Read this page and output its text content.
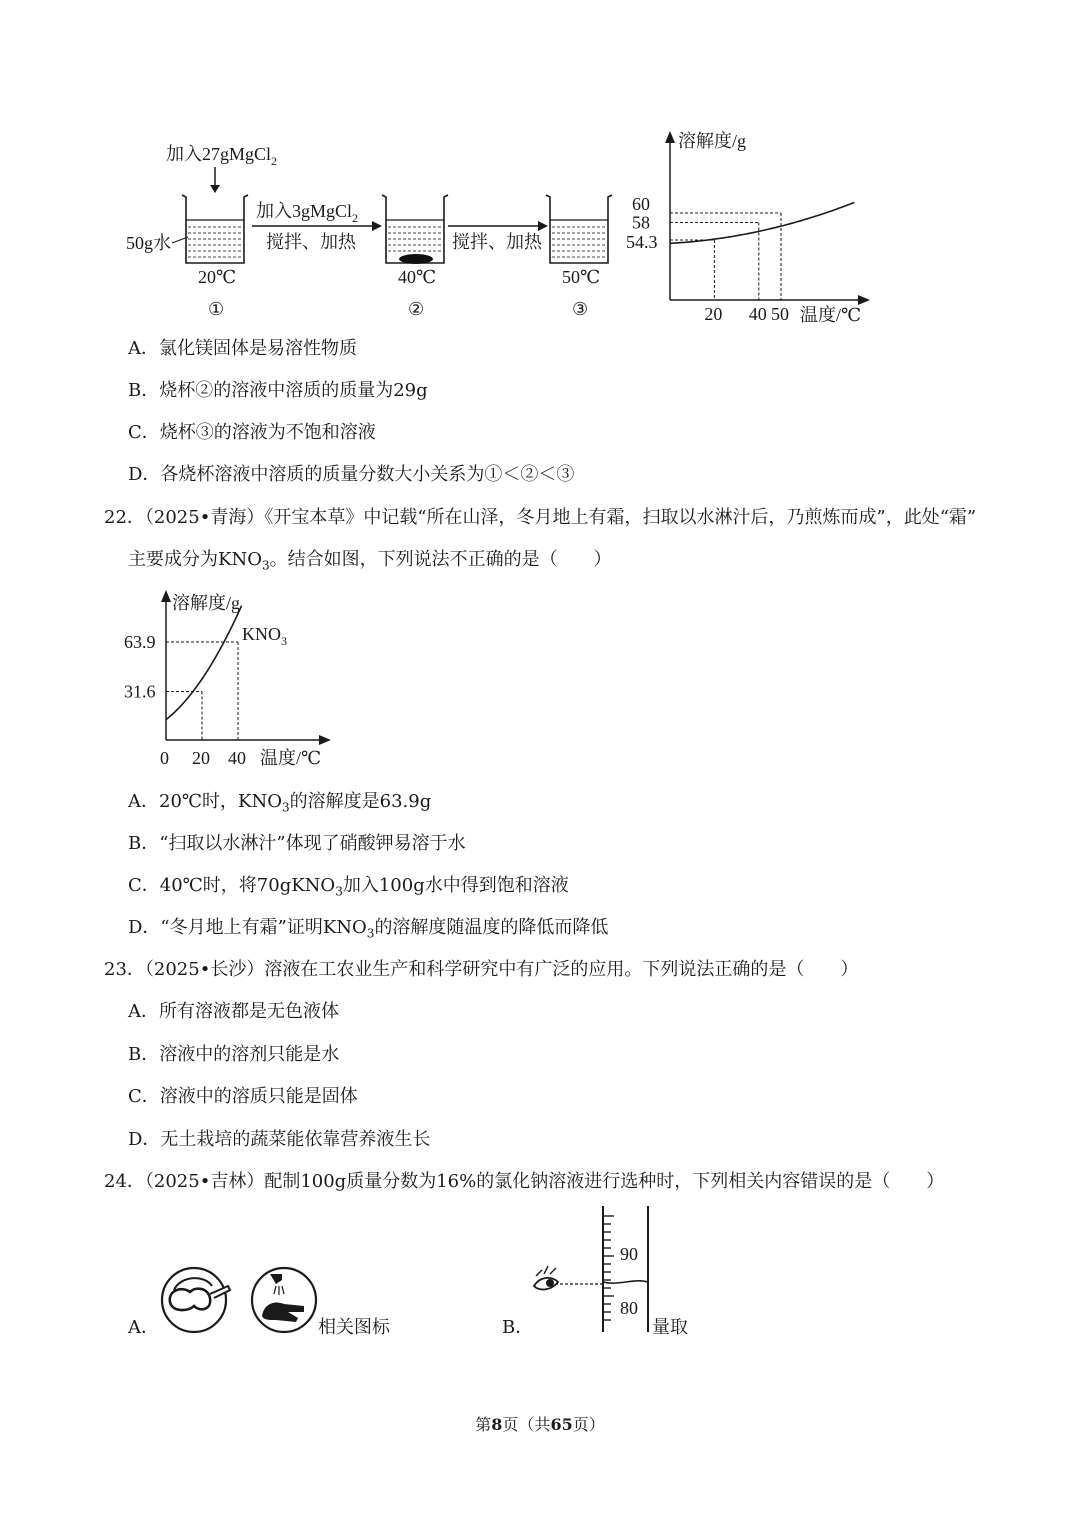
加入27gMgCl$_2$
50g水
20℃
①
加入3gMgCl$_2$
搅拌、加热
40℃
②
搅拌、加热
50℃
③
溶解度/g
温度/℃
20
54.3
40
58
50
60
A．氯化镁固体是易溶性物质
B．烧杯②的溶液中溶质的质量为29g
C．烧杯③的溶液为不饱和溶液
D．各烧杯溶液中溶质的质量分数大小关系为①＜②＜③
22．（2025•青海）《开宝本草》中记载“所在山泽，冬月地上有霜，扫取以水淋汁后，乃煎炼而成”，此处“霜”
主要成分为$KNO_3$。结合如图，下列说法不正确的是（　　）
溶解度/g
温度/℃
0 20
31.6
40
63.9	$KNO_3$
A．20℃时，$KNO_3$的溶解度是63.9g
B．“扫取以水淋汁”体现了硝酸钾易溶于水
C．40℃时，将70gKNO$_3$加入100g水中得到饱和溶液
D．“冬月地上有霜”证明$KNO_3$的溶解度随温度的降低而降低
23．（2025•长沙）溶液在工农业生产和科学研究中有广泛的应用。下列说法正确的是（　　）
A．所有溶液都是无色液体
B．溶液中的溶剂只能是水
C．溶液中的溶质只能是固体
D．无土栽培的蔬菜能依靠营养液生长
24．（2025•吉林）配制100g质量分数为16%的氯化钠溶液进行选种时，下列相关内容错误的是（　　）
A．	相关图标	B．
90
80
量取
第8页（共65页）
